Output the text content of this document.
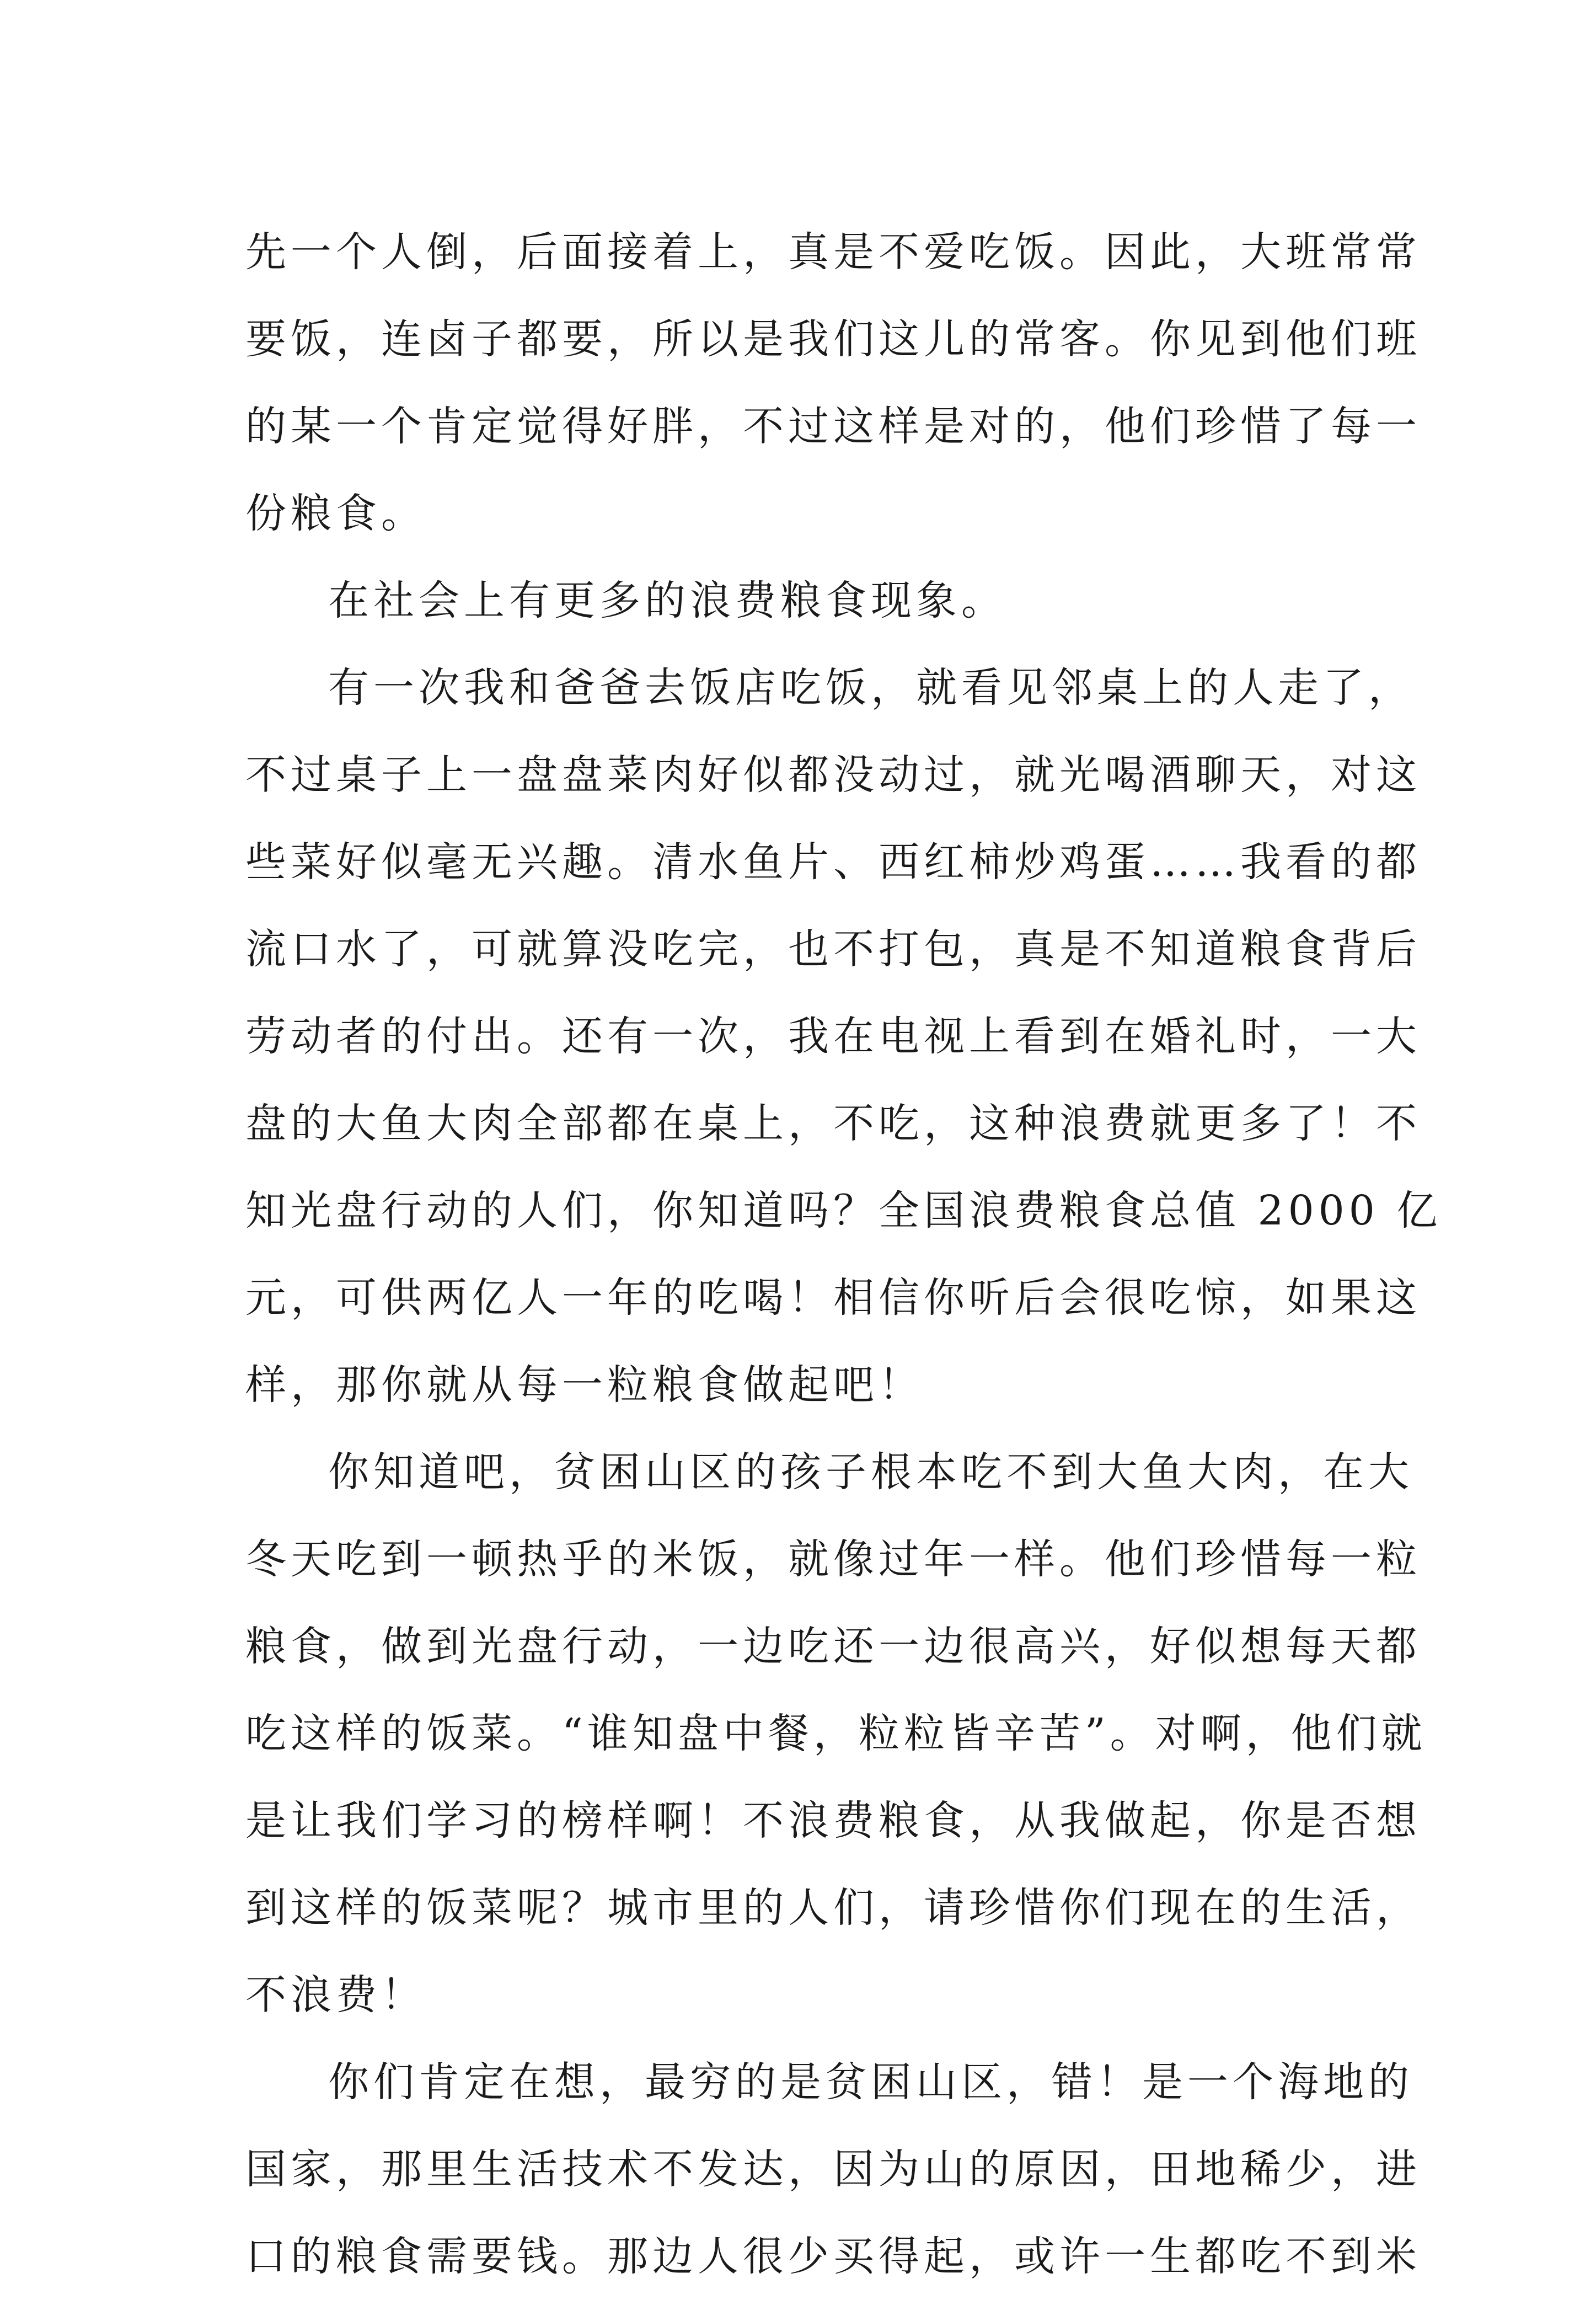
先一个人倒，后面接着上，真是不爱吃饭。因此，大班常常
要饭，连卤子都要，所以是我们这儿的常客。你见到他们班
的某一个肯定觉得好胖，不过这样是对的，他们珍惜了每一
份粮食。
在社会上有更多的浪费粮食现象。
有一次我和爸爸去饭店吃饭，就看见邻桌上的人走了，
不过桌子上一盘盘菜肉好似都没动过，就光喝酒聊天，对这
些菜好似毫无兴趣。清水鱼片、西红柿炒鸡蛋……我看的都
流口水了，可就算没吃完，也不打包，真是不知道粮食背后
劳动者的付出。还有一次，我在电视上看到在婚礼时，一大
盘的大鱼大肉全部都在桌上，不吃，这种浪费就更多了！不
知光盘行动的人们，你知道吗？全国浪费粮食总值 2000 亿
元，可供两亿人一年的吃喝！相信你听后会很吃惊，如果这
样，那你就从每一粒粮食做起吧！
你知道吧，贫困山区的孩子根本吃不到大鱼大肉，在大
冬天吃到一顿热乎的米饭，就像过年一样。他们珍惜每一粒
粮食，做到光盘行动，一边吃还一边很高兴，好似想每天都
吃这样的饭菜。“谁知盘中餐，粒粒皆辛苦”。对啊，他们就
是让我们学习的榜样啊！不浪费粮食，从我做起，你是否想
到这样的饭菜呢？城市里的人们，请珍惜你们现在的生活，
不浪费！
你们肯定在想，最穷的是贫困山区，错！是一个海地的
国家，那里生活技术不发达，因为山的原因，田地稀少，进
口的粮食需要钱。那边人很少买得起，或许一生都吃不到米
